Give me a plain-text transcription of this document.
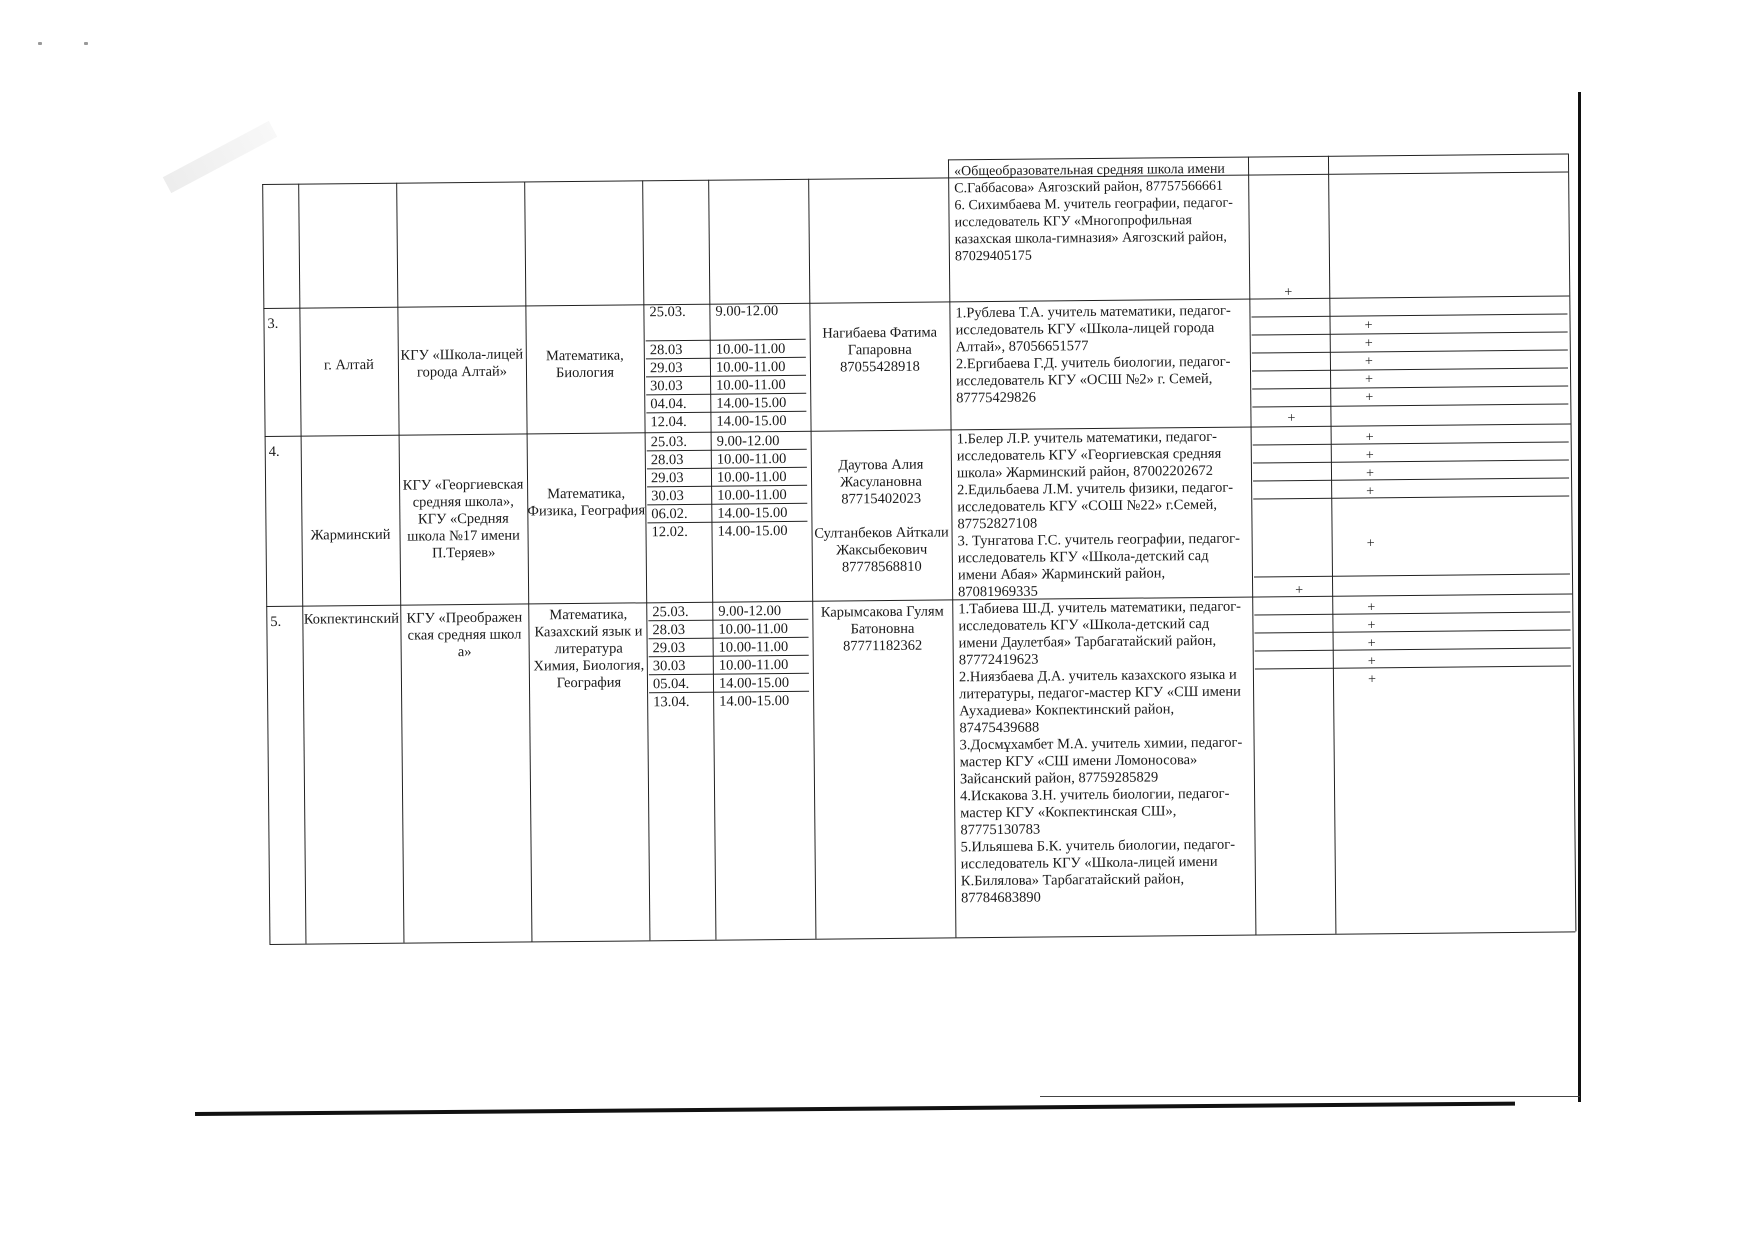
«Общеобразовательная средняя школа имени С.Габбасова» Аягозский район, 87757566661
6. Сихимбаева М. учитель географии, педагог-исследователь КГУ «Многопрофильная казахская школа-гимназия» Аягозский район, 87029405175
3.
г. Алтай
КГУ «Школа-лицей города Алтай»
Математика, Биология
Нагибаева Фатима Гапаровна 87055428918
1.Рублева Т.А. учитель математики, педагог-исследователь КГУ «Школа-лицей города Алтай», 87056651577
2.Ергибаева Г.Д. учитель биологии, педагог-исследователь КГУ «ОСШ №2» г. Семей, 87775429826
25.03.
28.03
29.03
30.03
04.04.
12.04.
9.00-12.00
10.00-11.00
10.00-11.00
10.00-11.00
14.00-15.00
14.00-15.00
+
+
+
+
+
+
4.
Жарминский
КГУ «Георгиевская средняя школа», КГУ «Средняя школа №17 имени П.Теряев»
Математика, Физика, География
Даутова Алия Жасулановна 87715402023

Султанбеков Айткали Жаксыбекович 87778568810
1.Белер Л.Р. учитель математики, педагог-исследователь КГУ «Георгиевская средняя школа» Жарминский район, 87002202672
2.Едильбаева Л.М. учитель физики, педагог-исследователь КГУ «СОШ №22» г.Семей, 87752827108
3. Тунгатова Г.С. учитель географии, педагог-исследователь КГУ «Школа-детский сад имени Абая» Жарминский район, 87081969335
25.03.
28.03
29.03
30.03
06.02.
12.02.
9.00-12.00
10.00-11.00
10.00-11.00
10.00-11.00
14.00-15.00
14.00-15.00
+
+
+
+
+
+
5.	Кокпектинский КГУ «Преображенская средняя школа»
Математика, Казахский язык и литература Химия, Биология, География
Карымсакова Гулям Батоновна 87771182362
1.Табиева Ш.Д. учитель математики, педагог-исследователь КГУ «Школа-детский сад имени Даулетбая» Тарбагатайский район, 87772419623
2.Ниязбаева Д.А. учитель казахского языка и литературы, педагог-мастер КГУ «СШ имени Аухадиева» Кокпектинский район, 87475439688
3.Досмұхамбет М.А. учитель химии, педагог-мастер КГУ «СШ имени Ломоносова» Зайсанский район, 87759285829
4.Искакова З.Н. учитель биологии, педагог-мастер КГУ «Кокпектинская СШ», 87775130783
5.Ильяшева Б.К. учитель биологии, педагог-исследователь КГУ «Школа-лицей имени К.Билялова» Тарбагатайский район, 87784683890
25.03.
28.03
29.03
30.03
05.04.
13.04.
9.00-12.00
10.00-11.00
10.00-11.00
10.00-11.00
14.00-15.00
14.00-15.00
+
+
+
+
+
+
